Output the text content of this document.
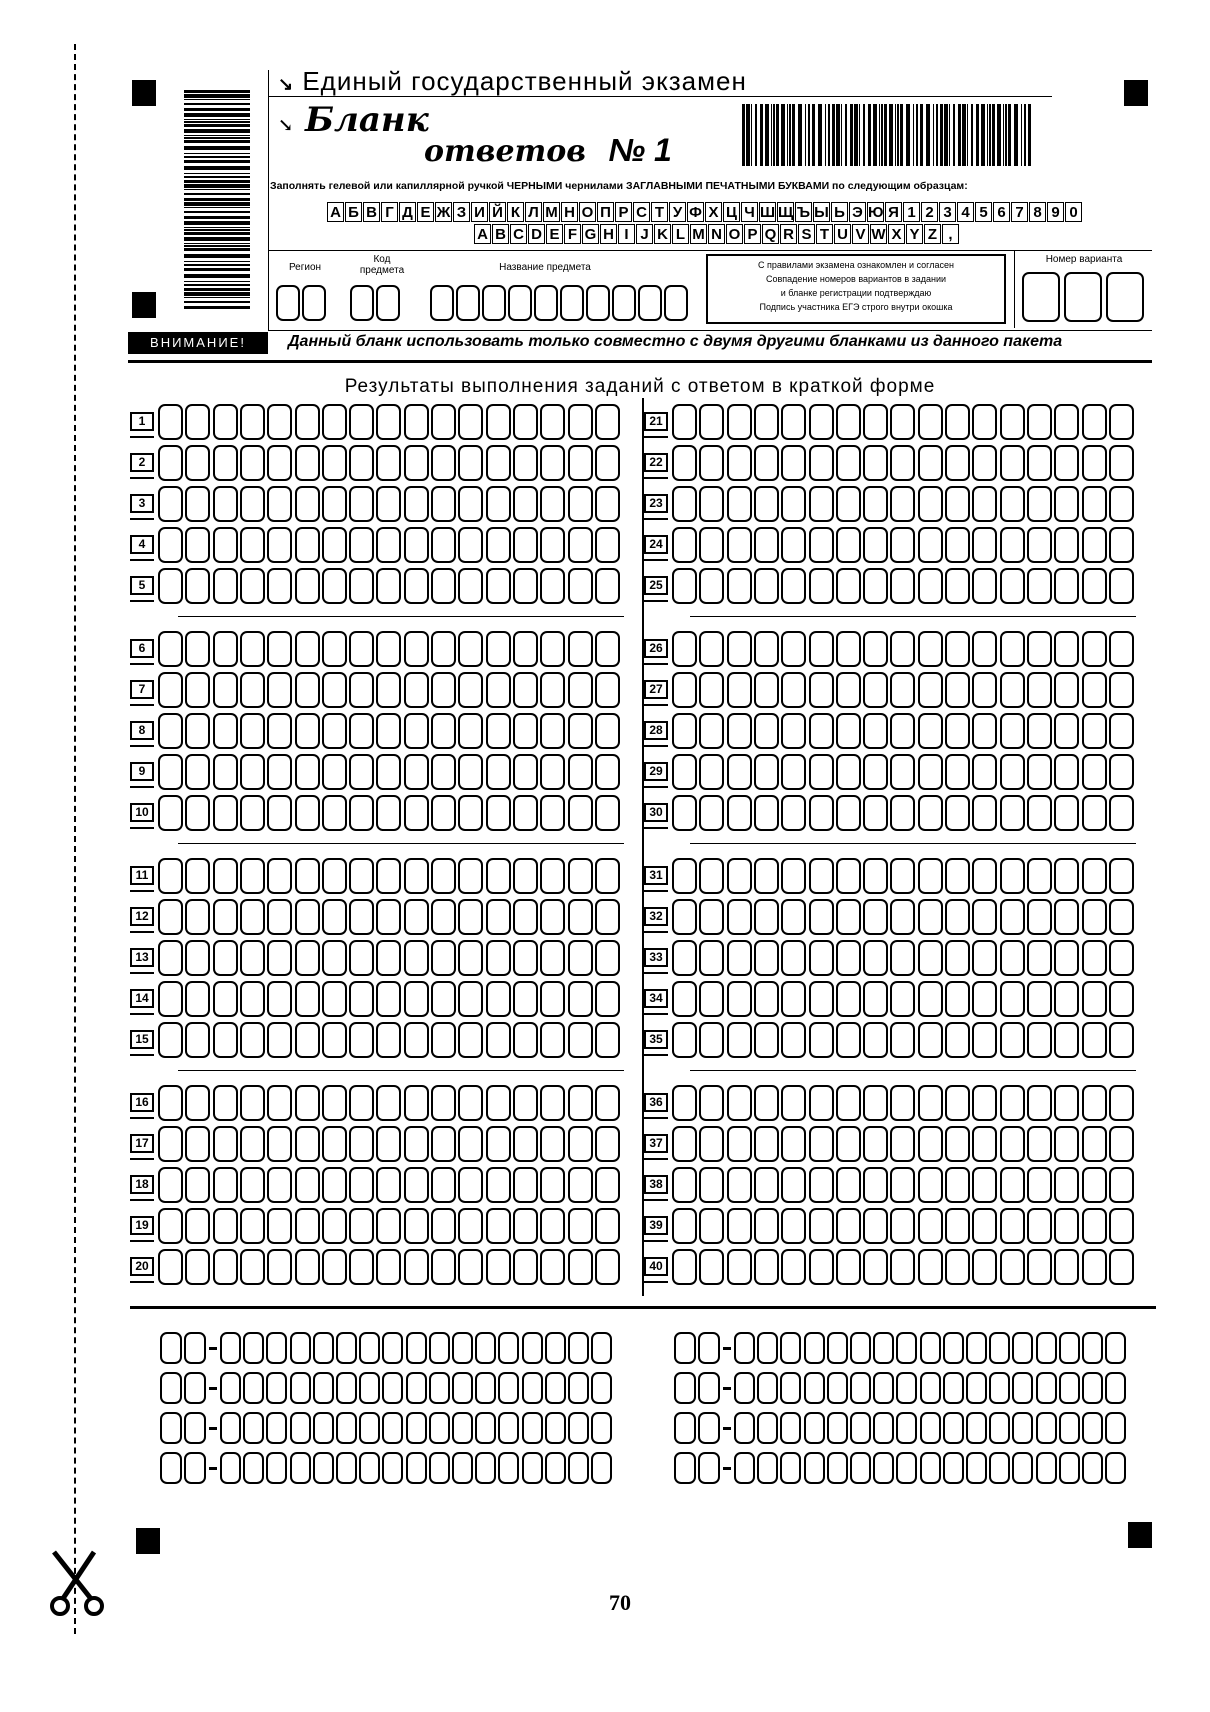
↘ Единый государственный экзамен
↘ Бланк
ответов № 1
Заполнять гелевой или капиллярной ручкой ЧЕРНЫМИ чернилами ЗАГЛАВНЫМИ ПЕЧАТНЫМИ БУКВАМИ по следующим образцам:
А Б В Г Д Е Ж З И Й К Л М Н О П Р С Т У Ф Х Ц Ч Ш Щ Ъ Ы Ь Э Ю Я 1 2 3 4 5 6 7 8 9 0
A B C D E F G H I J K L M N O P Q R S T U V W X Y Z ,
Регион
Код предмета	Название предмета	С правилами экзамена ознакомлен и согласен
Совпадение номеров вариантов в задании
и бланке регистрации подтверждаю
Подпись участника ЕГЭ строго внутри окошка
Номер варианта
ВНИМАНИЕ!	Данный бланк использовать только совместно с двумя другими бланками из данного пакета
Результаты выполнения заданий с ответом в краткой форме
1	21
2	22
3	23
4	24
5	25
6	26
7	27
8	28
9	29
10	30
11	31
12	32
13	33
14	34
15	35
16	36
17	37
18	38
19	39
20	40
70
